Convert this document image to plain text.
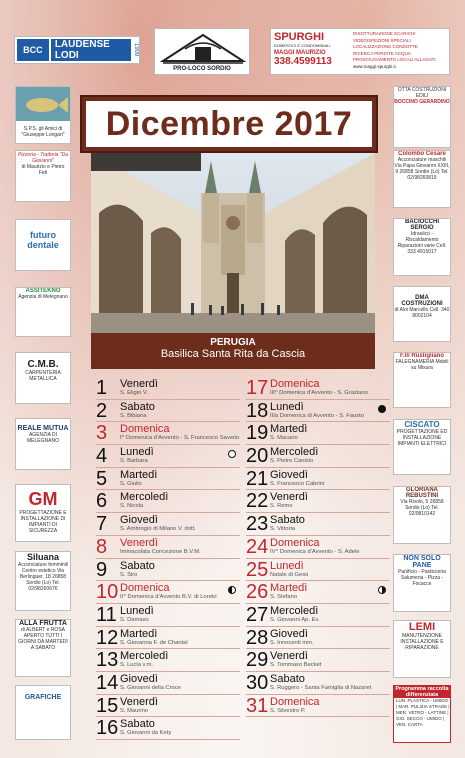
BCC	LAUDENSE LODI	1909
PRO-LOCO SORDIO
SPURGHI
DOMESTICI E CONDOMINIALI
MAGGI MAURIZIO
338.4599113
DISOTTURAZIONE SCARICHI
VIDEOISPEZIONI SPECIALI
LOCALIZZAZIONE CONDOTTE
RICERCA PERDITE ACQUA
PROSCIUGAMENTO LOCALI ALLAGATI
www.maggi-spurghi.it
Dicembre 2017
PERUGIA
Basilica Santa Rita da Cascia
S.P.S. gli Amici di "Giuseppe Longari"
Pizzeria - Trattoria "Da Giovanni"
di Maurizio e Pietro Feti
futuro dentale
ASSITEKNO
Agenzia di Melegnano
C.M.B.
CARPENTERIA METALLICA
REALE MUTUA
AGENZIA DI MELEGNANO
GM
PROGETTAZIONE E INSTALLAZIONE DI IMPIANTI DI SICUREZZA
Siluana
Acconciature femminili Centro estetico Via Berlinguer, 18 26858 Sordio (Lo) Tel. 02/98260676
ALLA FRUTTA
di ALBERT e ROSA APERTO TUTTI I GIORNI DA MARTEDÌ A SABATO
GRAFICHE
OTTA COSTRUZIONI EDILI
BOCCINO GERARDINO
Colombo Cesare
Acconciature maschili Via Papa Giovanni XXIII, 9 26858 Sordio (Lo) Tel. 02/98260819
BACIOCCHI SERGIO
Idraulico - Riscaldamento Riparazioni varie Cell. 333 4915017
DMA COSTRUZIONI
di Aloi Marcello Cell. 340 8002104
F.lli Rustigliano
FALEGNAMERIA Mobili su Misura
CISCATO
PROGETTAZIONE ED INSTALLAZIONE IMPIANTI ELETTRICI
GLORIANA REBUSTINI
Via Rivolo, 5 26858 Sordio (Lo) Tel. 02/9810142
NON SOLO PANE
Panificio - Pasticceria Salumeria - Pizza - Focacce
LEMI
MANUTENZIONE INSTALLAZIONE E RIPARAZIONE
Programma raccolta differenziata
LUN. PLASTICA - UMIDO | MAR. PULIZIA STRADE | MER. VETRO - LATTINE | GIO. SECCO - UMIDO | VEN. CARTA
1 Venerdì
S. Eligio V.
2 Sabato
S. Bibiana
3 Domenica
I^ Domenica d'Avvento - S. Francesco Saverio
4 Lunedì
S. Barbara
5 Martedì
S. Giulio
6 Mercoledì
S. Nicola
7 Giovedì
S. Ambrogio di Milano V. dott.
8 Venerdì
Immacolata Concezione B.V.M.
9 Sabato
S. Siro
10 Domenica
II^ Domenica d'Avvento B.V. di Loreto
11 Lunedì
S. Damaso
12 Martedì
S. Giovanna F. de Chantal
13 Mercoledì
S. Lucia v.m.
14 Giovedì
S. Giovanni della Croce
15 Venerdì
S. Maurino
16 Sabato
S. Giovanni da Kety
17 Domenica
III^ Domenica d'Avvento - S. Graziano
18 Lunedì
IIIa Domenica di Avvento - S. Fausto
19 Martedì
S. Macario
20 Mercoledì
S. Pietro Canisio
21 Giovedì
S. Francesco Cabrini
22 Venerdì
S. Remo
23 Sabato
S. Vittoria
24 Domenica
IV^ Domenica d'Avvento - S. Adele
25 Lunedì
Natale di Gesù
26 Martedì
S. Stefano
27 Mercoledì
S. Giovanni Ap. Ev.
28 Giovedì
S. Innocenti mm.
29 Venerdì
S. Tommaso Becket
30 Sabato
S. Ruggero - Santa Famiglia di Nazaret
31 Domenica
S. Silvestro P.
